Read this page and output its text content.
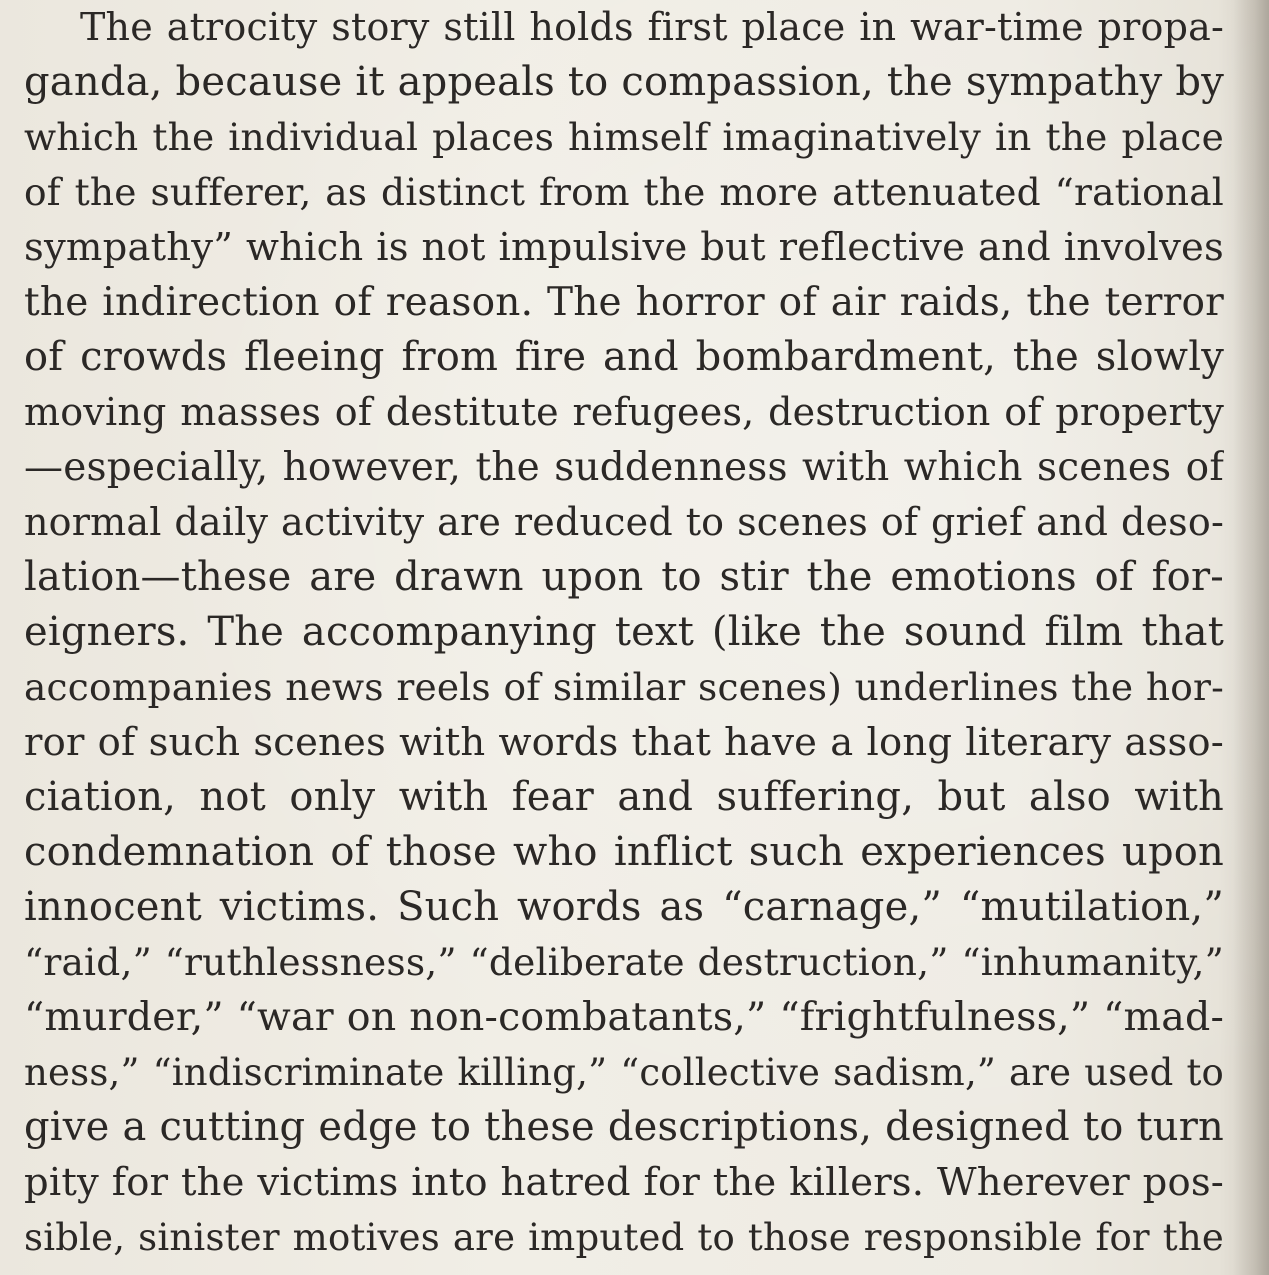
The atrocity story still holds first place in war-time propa-
ganda, because it appeals to compassion, the sympathy by
which the individual places himself imaginatively in the place
of the sufferer, as distinct from the more attenuated “rational
sympathy” which is not impulsive but reflective and involves
the indirection of reason. The horror of air raids, the terror
of crowds fleeing from fire and bombardment, the slowly
moving masses of destitute refugees, destruction of property
—especially, however, the suddenness with which scenes of
normal daily activity are reduced to scenes of grief and deso-
lation—these are drawn upon to stir the emotions of for-
eigners. The accompanying text (like the sound film that
accompanies news reels of similar scenes) underlines the hor-
ror of such scenes with words that have a long literary asso-
ciation, not only with fear and suffering, but also with
condemnation of those who inflict such experiences upon
innocent victims. Such words as “carnage,” “mutilation,”
“raid,” “ruthlessness,” “deliberate destruction,” “inhumanity,”
“murder,” “war on non-combatants,” “frightfulness,” “mad-
ness,” “indiscriminate killing,” “collective sadism,” are used to
give a cutting edge to these descriptions, designed to turn
pity for the victims into hatred for the killers. Wherever pos-
sible, sinister motives are imputed to those responsible for the
